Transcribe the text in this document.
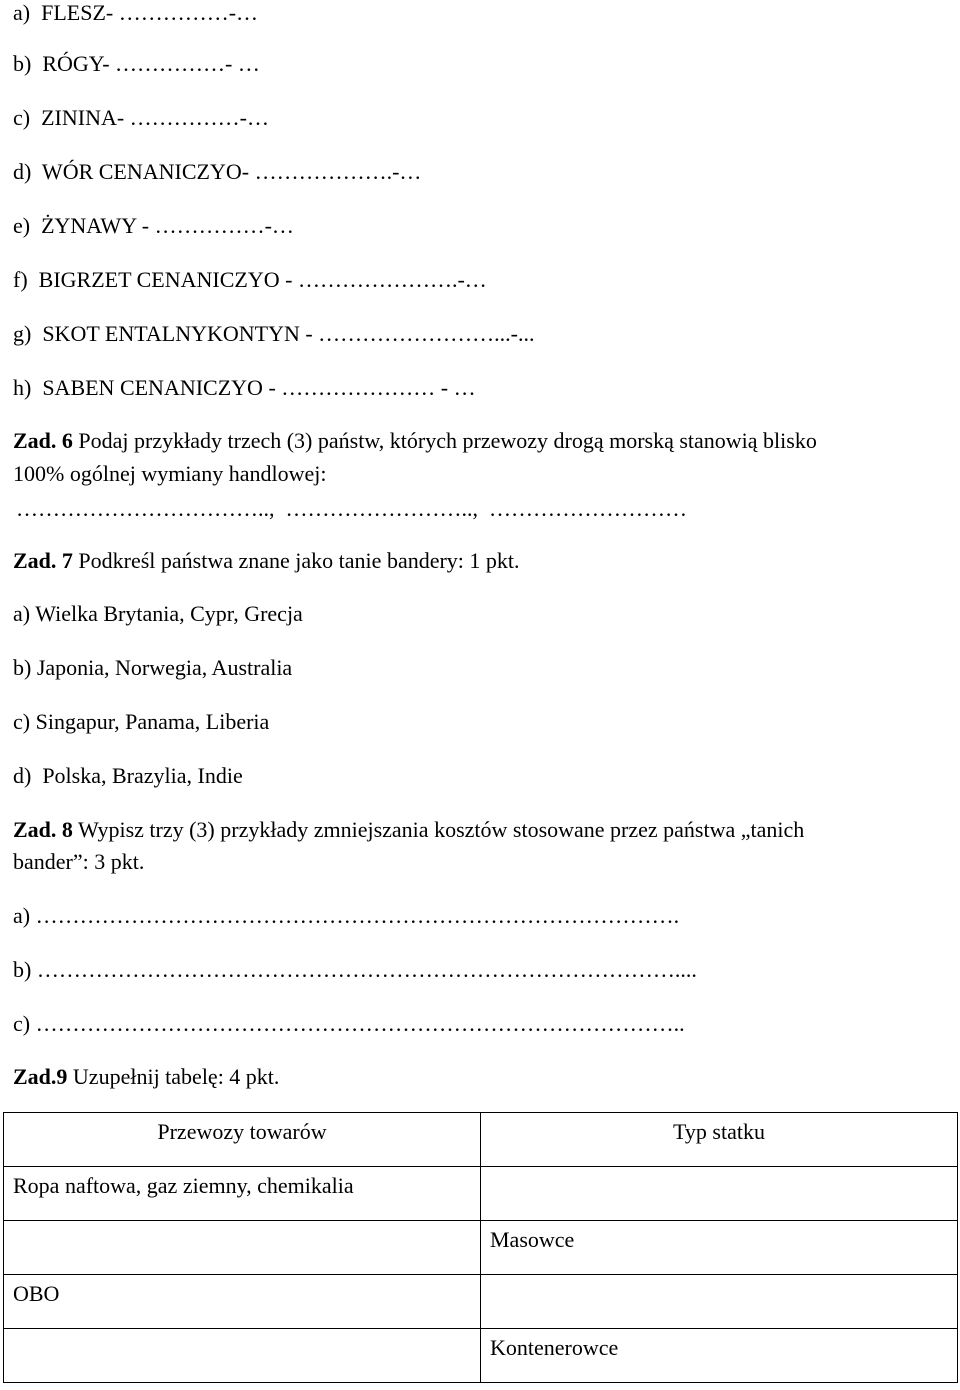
a)  FLESZ- ……………-…
b)  RÓGY- ……………- …
c)  ZININA- ……………-…
d)  WÓR CENANICZYO- ……………….-…
e)  ŻYNAWY - ……………-…
f)  BIGRZET CENANICZYO - ………………….-…
g)  SKOT ENTALNYKONTYN - ……………………...-...
h)  SABEN CENANICZYO - ………………… - …
Zad. 6 Podaj przykłady trzech (3) państw, których przewozy drogą morską stanowią blisko
100% ogólnej wymiany handlowej:
……………………………..,  ……………………..,  ………………………
Zad. 7 Podkreśl państwa znane jako tanie bandery: 1 pkt.
a) Wielka Brytania, Cypr, Grecja
b) Japonia, Norwegia, Australia
c) Singapur, Panama, Liberia
d)  Polska, Brazylia, Indie
Zad. 8 Wypisz trzy (3) przykłady zmniejszania kosztów stosowane przez państwa „tanich
bander”: 3 pkt.
a) …………………………………………………………………………….
b) ……………………………………………………………………………....
c) ……………………………………………………………………………..
Zad.9 Uzupełnij tabelę: 4 pkt.
Przewozy towarów	Typ statku

Ropa naftowa, gaz ziemny, chemikalia	

	Masowce

OBO	

	Kontenerowce
